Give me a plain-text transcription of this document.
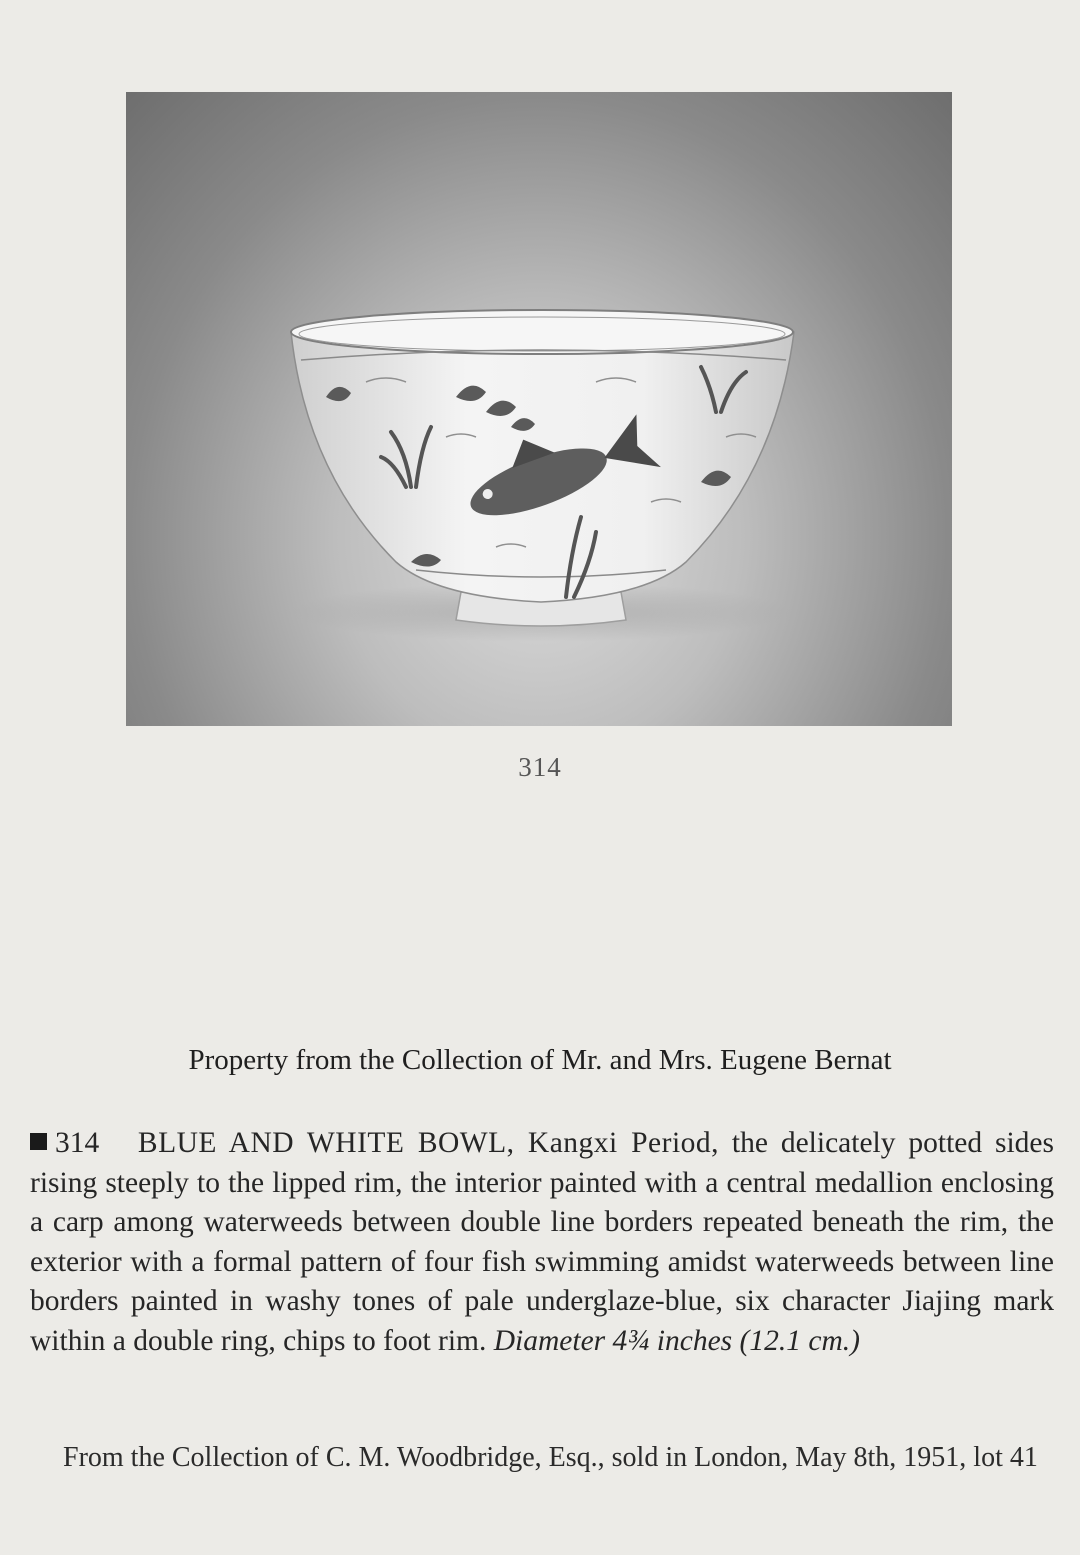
314
Property from the Collection of Mr. and Mrs. Eugene Bernat
314 BLUE AND WHITE BOWL, Kangxi Period, the delicately potted sides rising steeply to the lipped rim, the interior painted with a central medallion enclosing a carp among waterweeds between double line borders repeated beneath the rim, the exterior with a formal pattern of four fish swimming amidst waterweeds between line borders painted in washy tones of pale underglaze-blue, six character Jiajing mark within a double ring, chips to foot rim. Diameter 4¾ inches (12.1 cm.)
From the Collection of C. M. Woodbridge, Esq., sold in London, May 8th, 1951, lot 41
